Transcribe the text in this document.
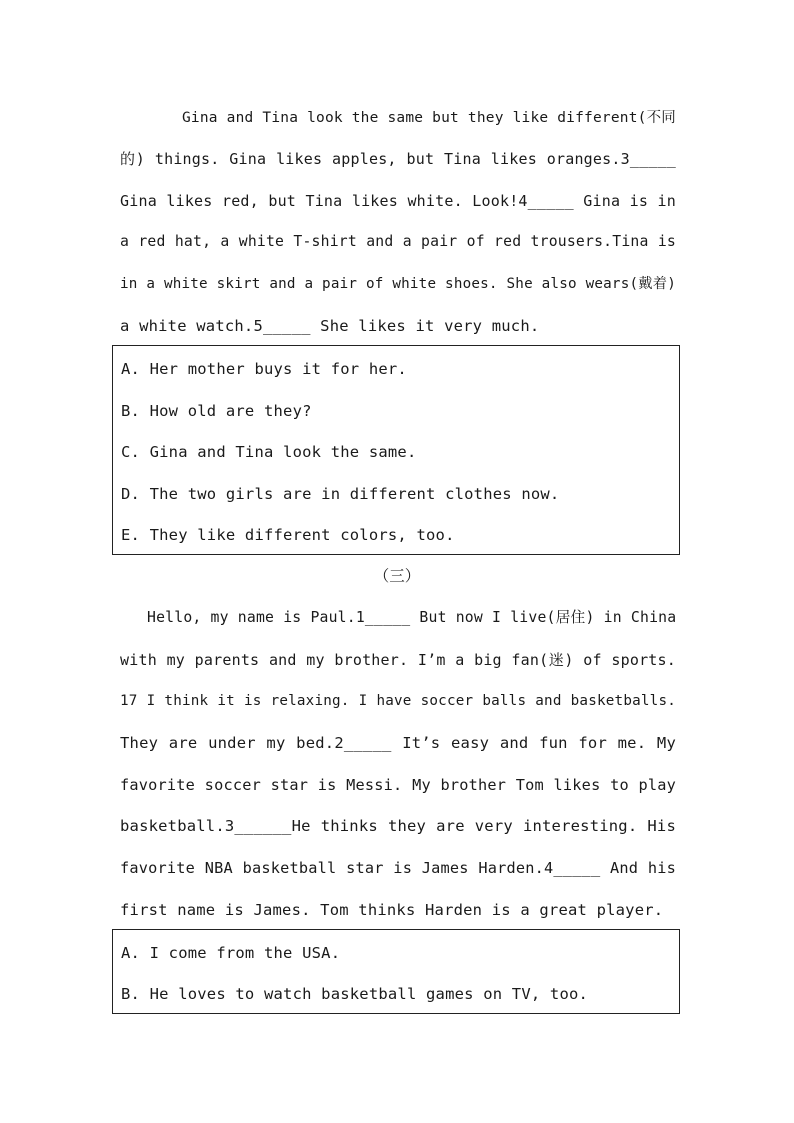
Gina and Tina look the same but they like different(不同
的) things. Gina likes apples, but Tina likes oranges.3_____
Gina likes red, but Tina likes white. Look!4_____ Gina is in
a red hat, a white T-shirt and a pair of red trousers.Tina is
in a white skirt and a pair of white shoes. She also wears(戴着)
a white watch.5_____ She likes it very much.
A. Her mother buys it for her.
B. How old are they?
C. Gina and Tina look the same.
D. The two girls are in different clothes now.
E. They like different colors, too.
（三）
Hello, my name is Paul.1_____ But now I live(居住) in China
with my parents and my brother. I’m a big fan(迷) of sports.
17 I think it is relaxing. I have soccer balls and basketballs.
They are under my bed.2_____ It’s easy and fun for me. My
favorite soccer star is Messi. My brother Tom likes to play
basketball.3______He thinks they are very interesting. His
favorite NBA basketball star is James Harden.4_____ And his
first name is James. Tom thinks Harden is a great player.
A. I come from the USA.
B. He loves to watch basketball games on TV, too.
